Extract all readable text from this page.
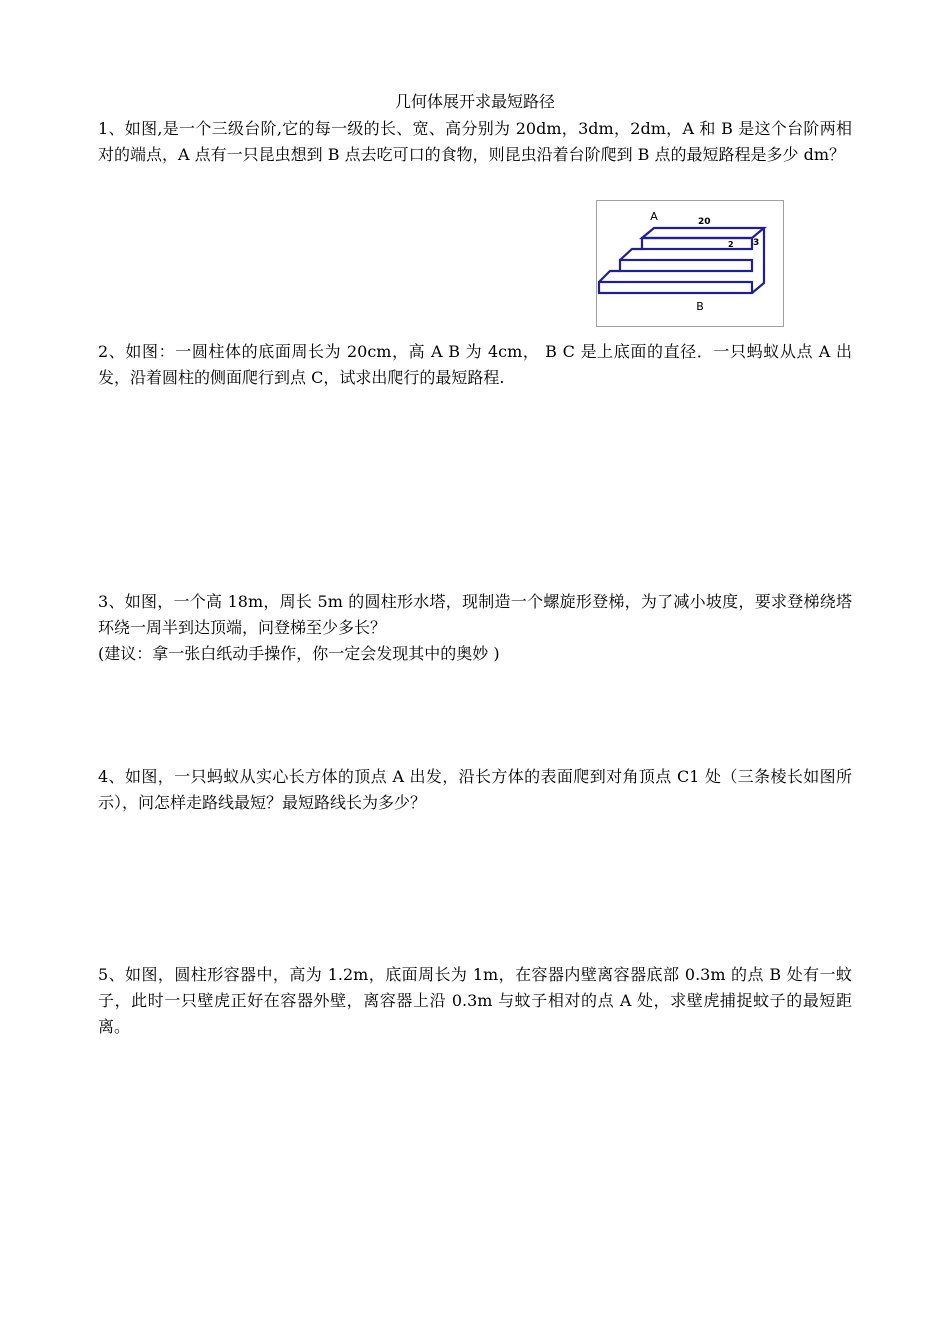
几何体展开求最短路径

1、如图,是一个三级台阶,它的每一级的长、宽、高分别为 20dm，3dm，2dm，A 和 B 是这个台阶两相对的端点，A 点有一只昆虫想到 B 点去吃可口的食物，则昆虫沿着台阶爬到 B 点的最短路程是多少 dm？

A	20
2 3
B

2、如图：一圆柱体的底面周长为 20cm，高 A B 为 4cm， B C 是上底面的直径．一只蚂蚁从点 A 出发，沿着圆柱的侧面爬行到点 C，试求出爬行的最短路程.

3、如图，一个高 18m，周长 5m 的圆柱形水塔，现制造一个螺旋形登梯，为了减小坡度，要求登梯绕塔环绕一周半到达顶端，问登梯至少多长？

(建议：拿一张白纸动手操作，你一定会发现其中的奥妙 )

4、如图，一只蚂蚁从实心长方体的顶点 A 出发，沿长方体的表面爬到对角顶点 C1 处（三条棱长如图所示），问怎样走路线最短？最短路线长为多少？

5、如图，圆柱形容器中，高为 1.2m，底面周长为 1m，在容器内壁离容器底部 0.3m 的点 B 处有一蚊子，此时一只壁虎正好在容器外壁，离容器上沿 0.3m 与蚊子相对的点 A 处，求壁虎捕捉蚊子的最短距离。
